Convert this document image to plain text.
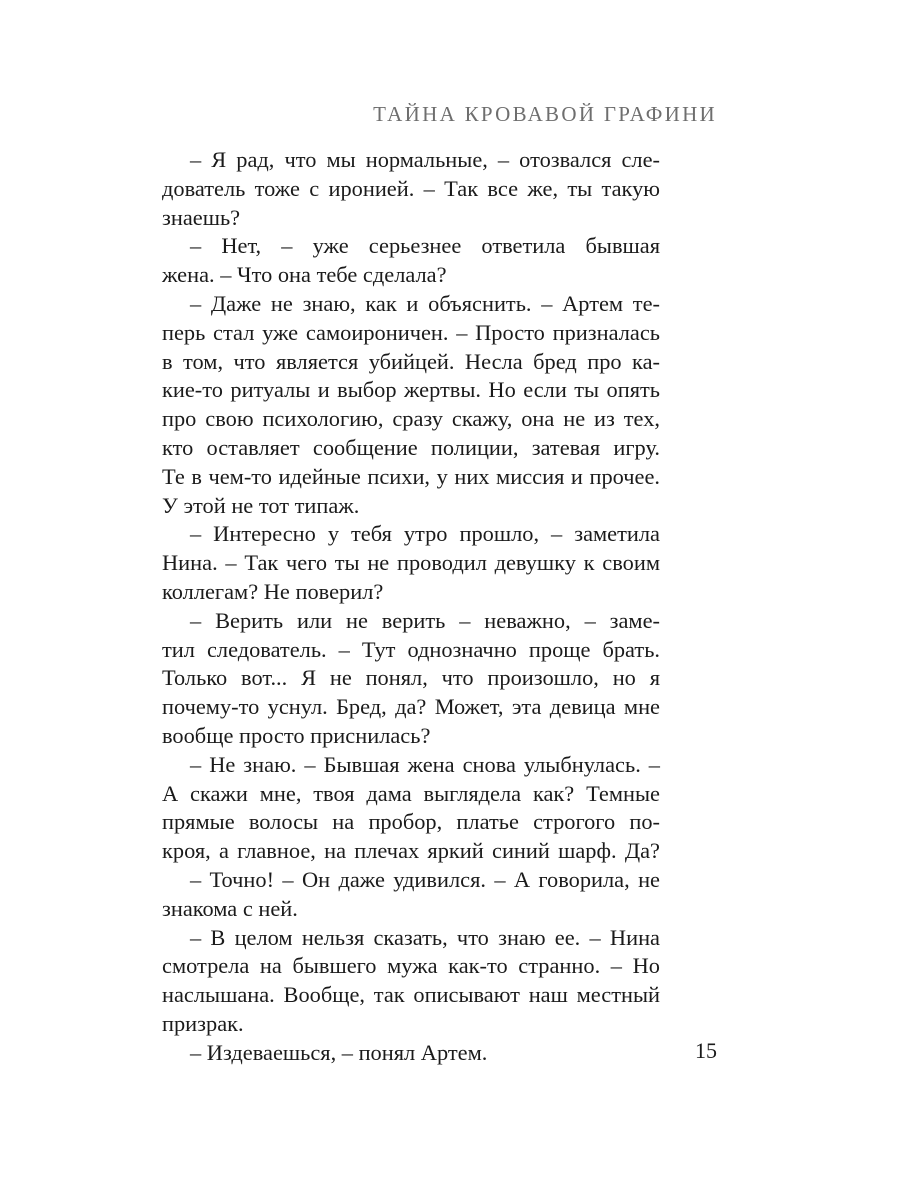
ТАЙНА КРОВАВОЙ ГРАФИНИ
– Я рад, что мы нормальные, – отозвался сле-
дователь тоже с иронией. – Так все же, ты такую
знаешь?
– Нет, – уже серьезнее ответила бывшая
жена. – Что она тебе сделала?
– Даже не знаю, как и объяснить. – Артем те-
перь стал уже самоироничен. – Просто призналась
в том, что является убийцей. Несла бред про ка-
кие-то ритуалы и выбор жертвы. Но если ты опять
про свою психологию, сразу скажу, она не из тех,
кто оставляет сообщение полиции, затевая игру.
Те в чем-то идейные психи, у них миссия и прочее.
У этой не тот типаж.
– Интересно у тебя утро прошло, – заметила
Нина. – Так чего ты не проводил девушку к своим
коллегам? Не поверил?
– Верить или не верить – неважно, – заме-
тил следователь. – Тут однозначно проще брать.
Только вот... Я не понял, что произошло, но я
почему-то уснул. Бред, да? Может, эта девица мне
вообще просто приснилась?
– Не знаю. – Бывшая жена снова улыбнулась. –
А скажи мне, твоя дама выглядела как? Темные
прямые волосы на пробор, платье строгого по-
кроя, а главное, на плечах яркий синий шарф. Да?
– Точно! – Он даже удивился. – А говорила, не
знакома с ней.
– В целом нельзя сказать, что знаю ее. – Нина
смотрела на бывшего мужа как-то странно. – Но
наслышана. Вообще, так описывают наш местный
призрак.
– Издеваешься, – понял Артем.	15
